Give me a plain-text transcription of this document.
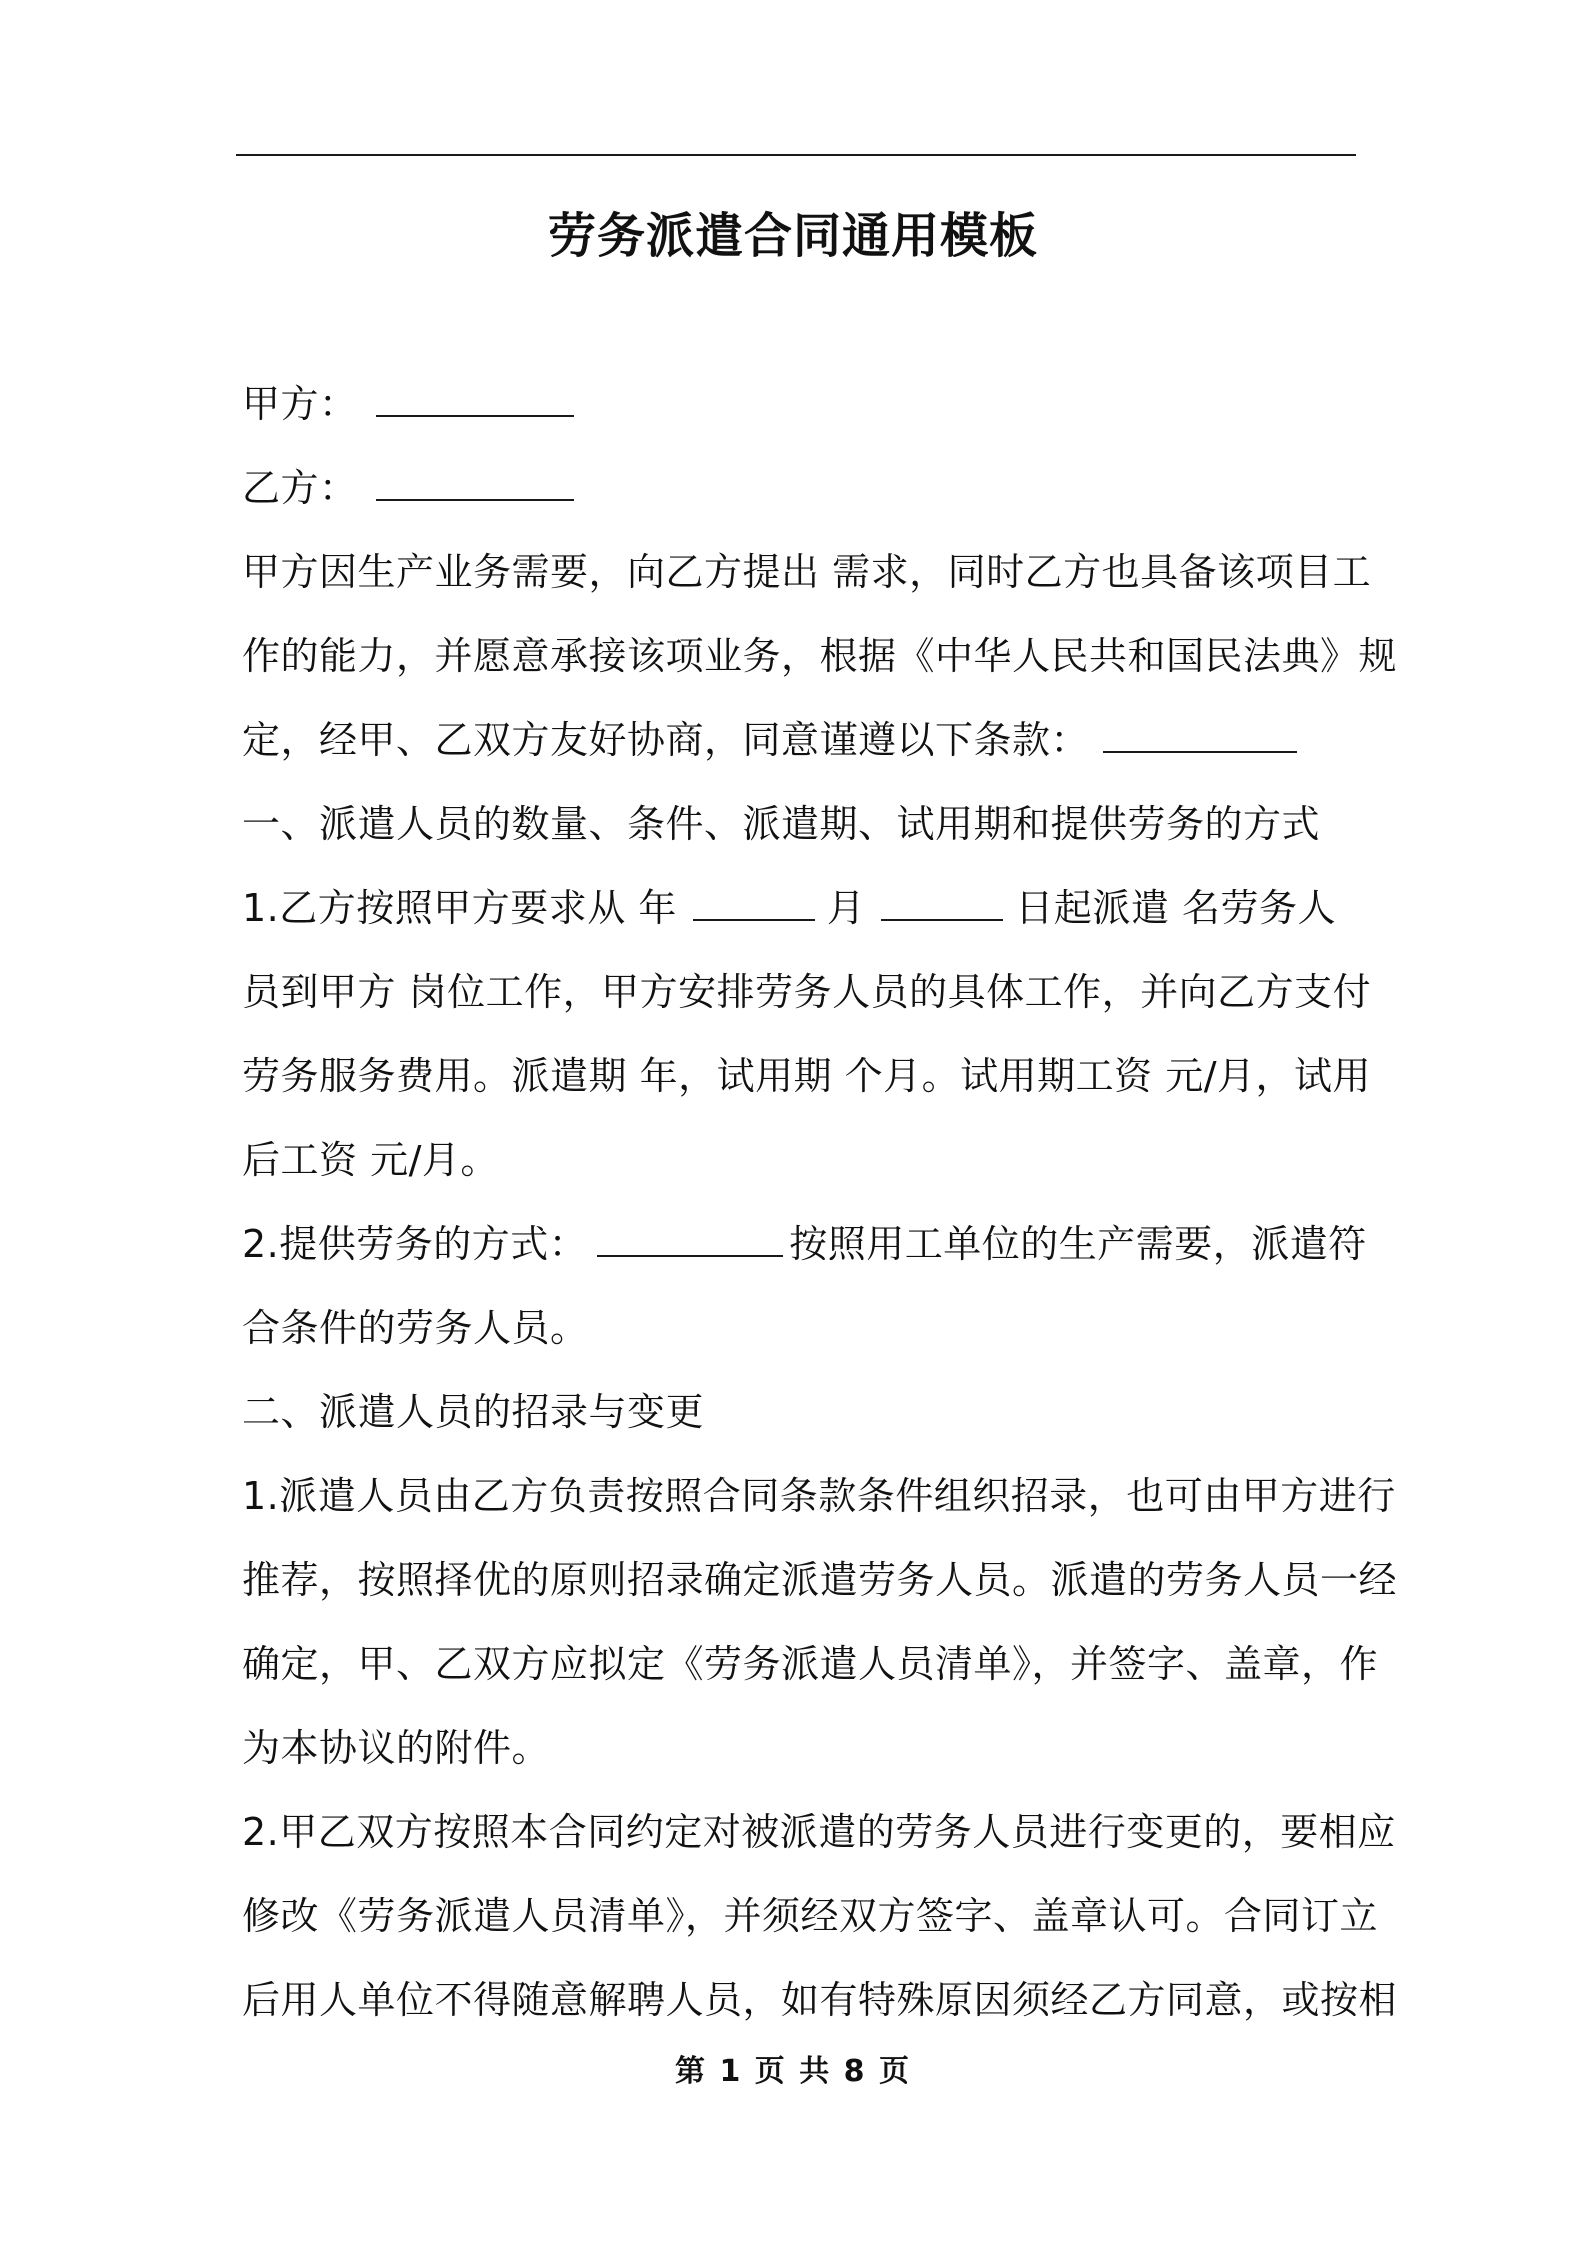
劳务派遣合同通用模板
甲方：
乙方：
甲方因生产业务需要，向乙方提出 需求，同时乙方也具备该项目工
作的能力，并愿意承接该项业务，根据《中华人民共和国民法典》规
定，经甲、乙双方友好协商，同意谨遵以下条款：
一、派遣人员的数量、条件、派遣期、试用期和提供劳务的方式
1.乙方按照甲方要求从 年	月	日起派遣 名劳务人
员到甲方 岗位工作，甲方安排劳务人员的具体工作，并向乙方支付
劳务服务费用。派遣期 年，试用期 个月。试用期工资 元/月，试用
后工资 元/月。
2.提供劳务的方式：	按照用工单位的生产需要，派遣符
合条件的劳务人员。
二、派遣人员的招录与变更
1.派遣人员由乙方负责按照合同条款条件组织招录，也可由甲方进行
推荐，按照择优的原则招录确定派遣劳务人员。派遣的劳务人员一经
确定，甲、乙双方应拟定《劳务派遣人员清单》，并签字、盖章，作
为本协议的附件。
2.甲乙双方按照本合同约定对被派遣的劳务人员进行变更的，要相应
修改《劳务派遣人员清单》，并须经双方签字、盖章认可。合同订立
后用人单位不得随意解聘人员，如有特殊原因须经乙方同意，或按相
第 1 页 共 8 页
